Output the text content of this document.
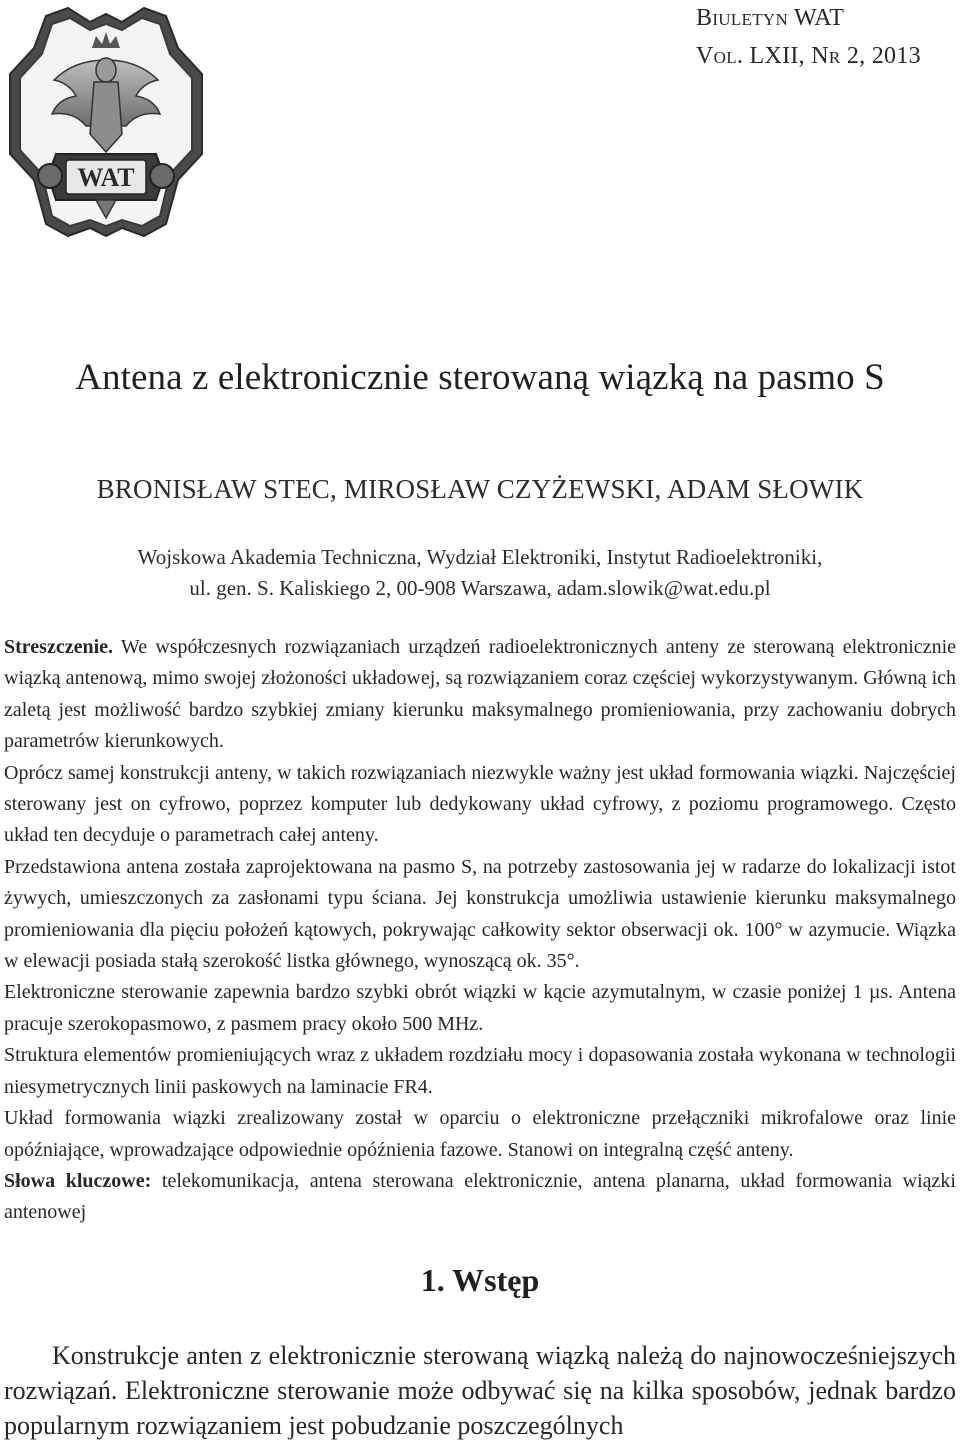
BIULETYN WAT
VOL. LXII, NR 2, 2013
WAT
Antena z elektronicznie sterowaną wiązką na pasmo S
BRONISŁAW STEC, MIROSŁAW CZYŻEWSKI, ADAM SŁOWIK
Wojskowa Akademia Techniczna, Wydział Elektroniki, Instytut Radioelektroniki,
ul. gen. S. Kaliskiego 2, 00-908 Warszawa, adam.slowik@wat.edu.pl

Streszczenie. We współczesnych rozwiązaniach urządzeń radioelektronicznych anteny ze sterowaną elektronicznie wiązką antenową, mimo swojej złożoności układowej, są rozwiązaniem coraz częściej wykorzystywanym. Główną ich zaletą jest możliwość bardzo szybkiej zmiany kierunku maksymalnego promieniowania, przy zachowaniu dobrych parametrów kierunkowych.

Oprócz samej konstrukcji anteny, w takich rozwiązaniach niezwykle ważny jest układ formowania wiązki. Najczęściej sterowany jest on cyfrowo, poprzez komputer lub dedykowany układ cyfrowy, z poziomu programowego. Często układ ten decyduje o parametrach całej anteny.

Przedstawiona antena została zaprojektowana na pasmo S, na potrzeby zastosowania jej w radarze do lokalizacji istot żywych, umieszczonych za zasłonami typu ściana. Jej konstrukcja umożliwia ustawienie kierunku maksymalnego promieniowania dla pięciu położeń kątowych, pokrywając całkowity sektor obserwacji ok. 100° w azymucie. Wiązka w elewacji posiada stałą szerokość listka głównego, wynoszącą ok. 35°.

Elektroniczne sterowanie zapewnia bardzo szybki obrót wiązki w kącie azymutalnym, w czasie poniżej 1 µs. Antena pracuje szerokopasmowo, z pasmem pracy około 500 MHz.

Struktura elementów promieniujących wraz z układem rozdziału mocy i dopasowania została wykonana w technologii niesymetrycznych linii paskowych na laminacie FR4.

Układ formowania wiązki zrealizowany został w oparciu o elektroniczne przełączniki mikrofalowe oraz linie opóźniające, wprowadzające odpowiednie opóźnienia fazowe. Stanowi on integralną część anteny.

Słowa kluczowe: telekomunikacja, antena sterowana elektronicznie, antena planarna, układ formowania wiązki antenowej

1. Wstęp

Konstrukcje anten z elektronicznie sterowaną wiązką należą do najnowocześniejszych rozwiązań. Elektroniczne sterowanie może odbywać się na kilka sposobów, jednak bardzo popularnym rozwiązaniem jest pobudzanie poszczególnych
